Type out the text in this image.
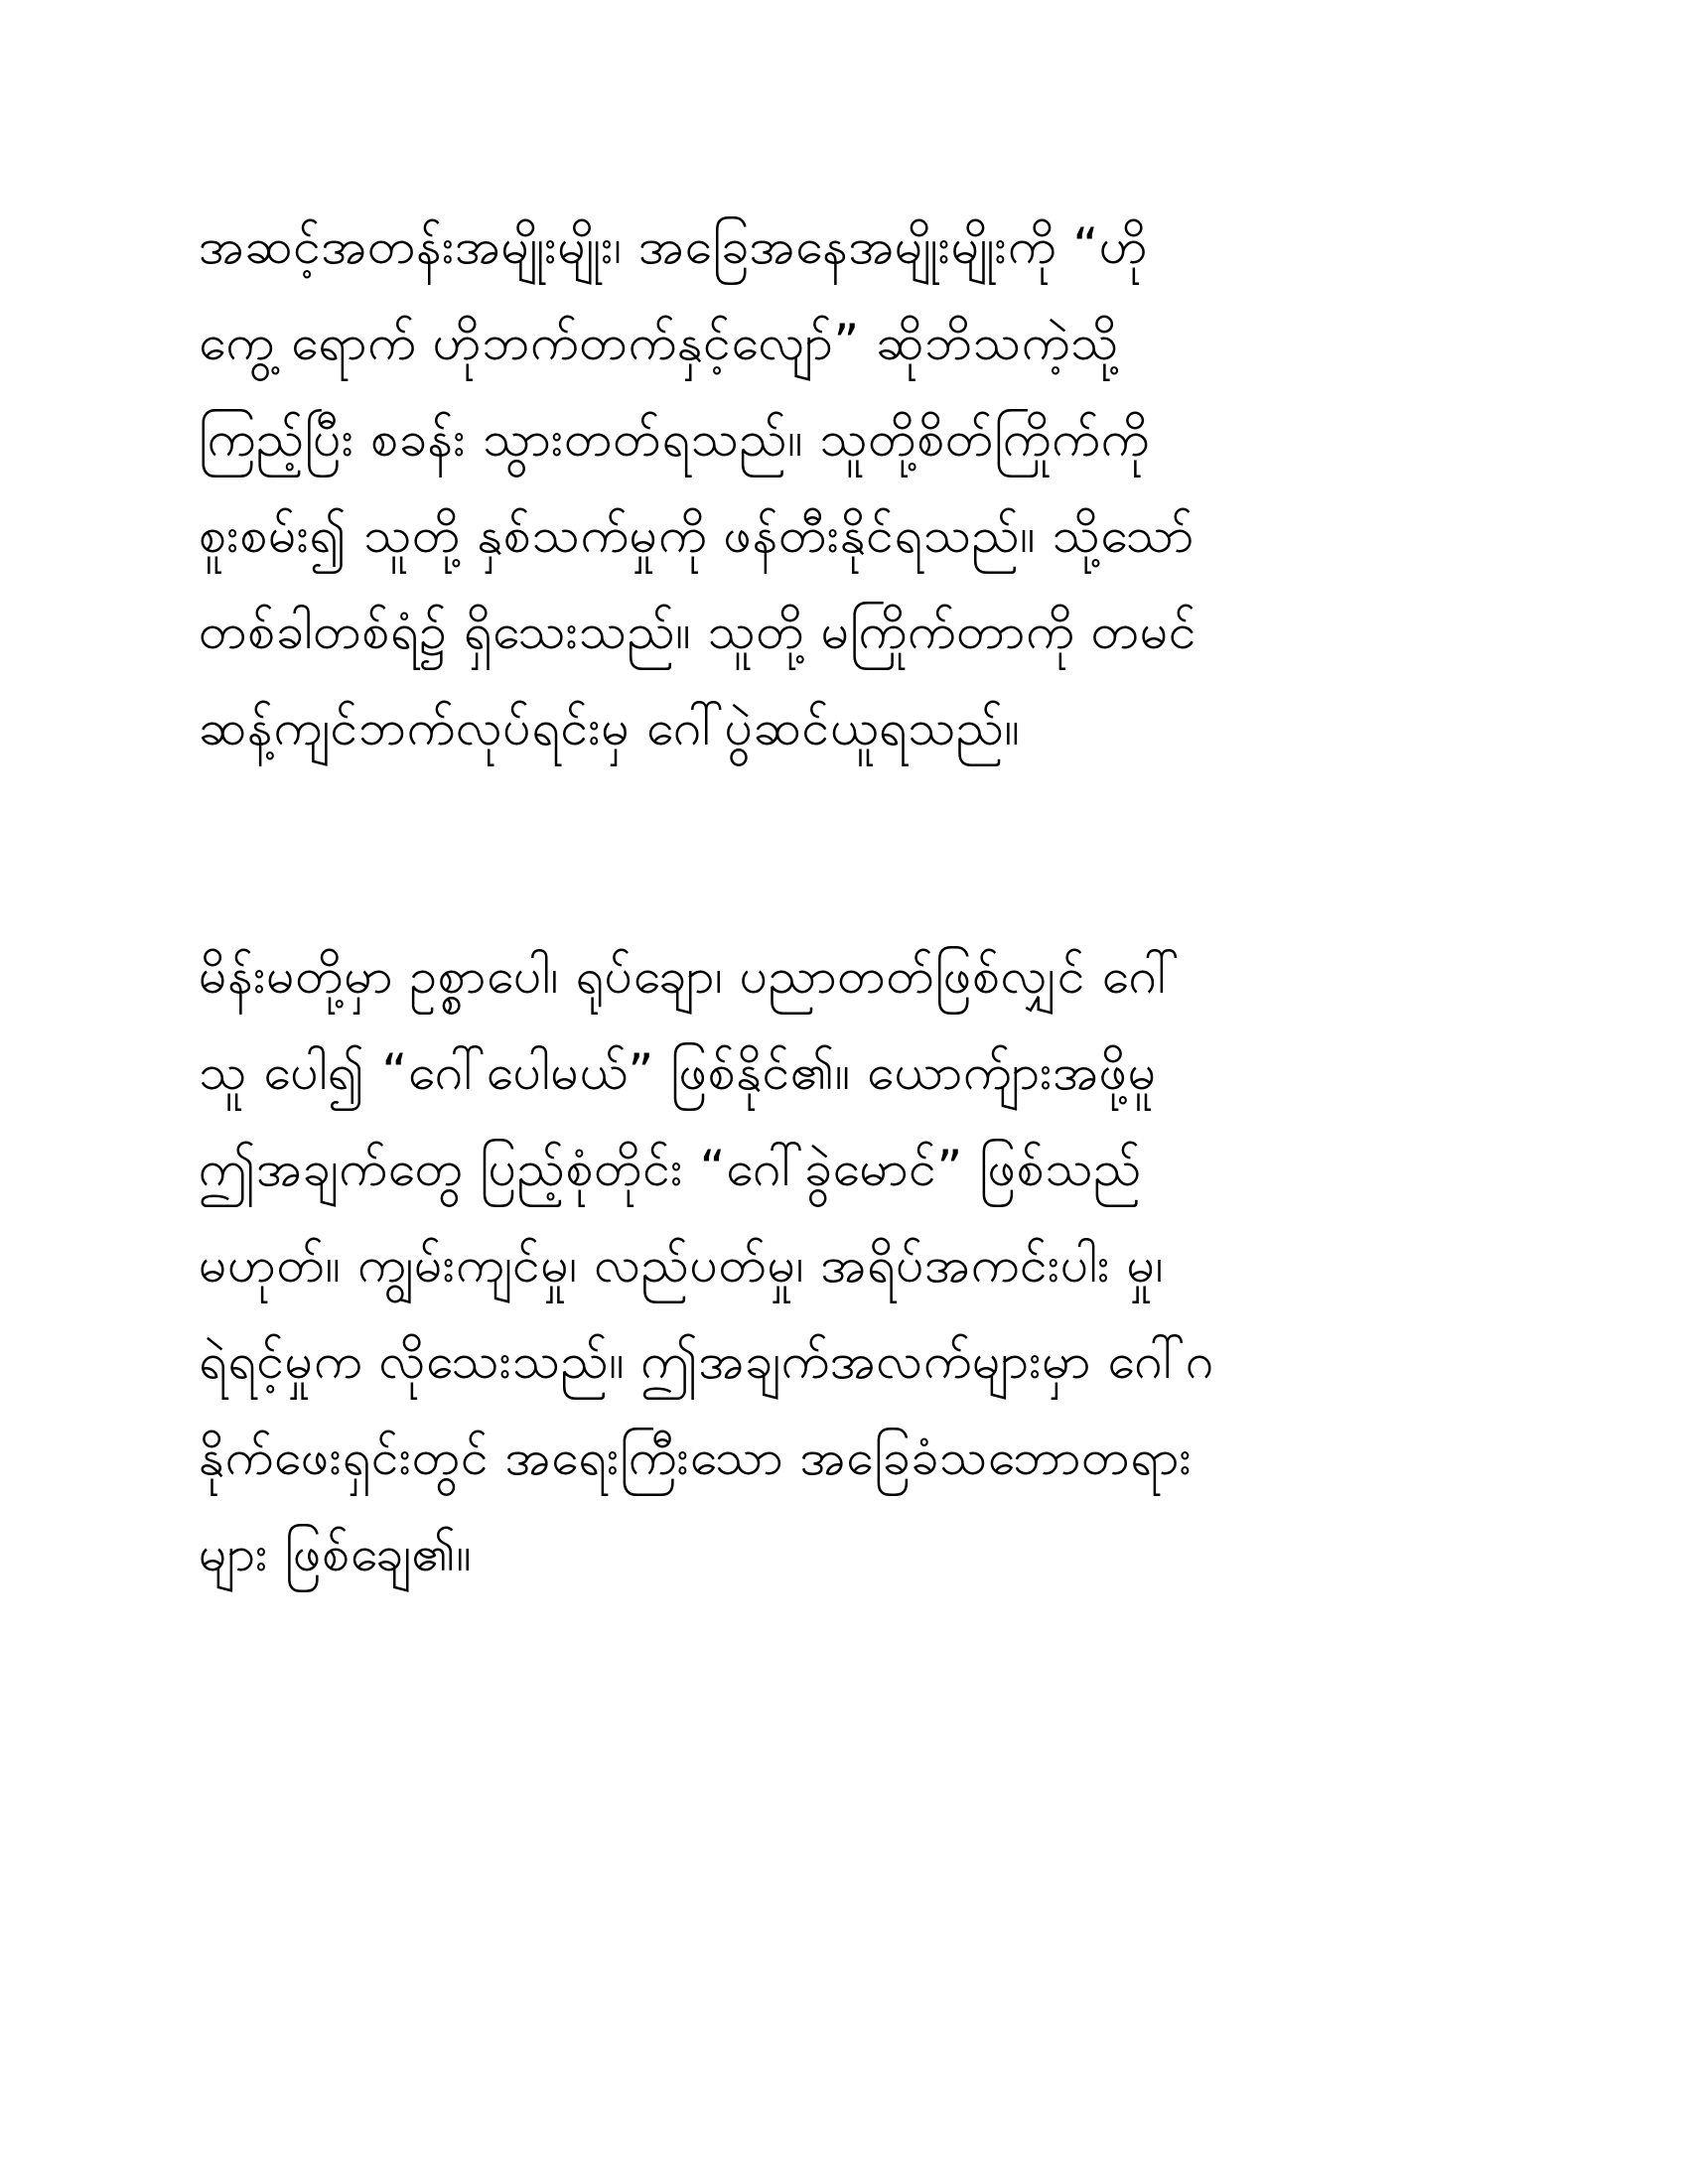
အဆင့်အတန်းအမျိုးမျိုး၊ အခြေအနေအမျိုးမျိုးကို “ဟို
ကွေ့ ရောက် ဟိုဘက်တက်နှင့်လျော်” ဆိုဘိသကဲ့သို့
ကြည့်ပြီး စခန်း သွားတတ်ရသည်။ သူတို့စိတ်ကြိုက်ကို
စူးစမ်း၍ သူတို့ နှစ်သက်မှုကို ဖန်တီးနိုင်ရသည်။ သို့သော်
တစ်ခါတစ်ရံ၌ ရှိသေးသည်။ သူတို့ မကြိုက်တာကို တမင်
ဆန့်ကျင်ဘက်လုပ်ရင်းမှ ဂေါ်ပွဲဆင်ယူရသည်။
မိန်းမတို့မှာ ဥစ္စာပေါ၊ ရုပ်ချော၊ ပညာတတ်ဖြစ်လျှင် ဂေါ်
သူ ပေါ၍ “ဂေါ်ပေါမယ်” ဖြစ်နိုင်၏။ ယောက်ျားအဖို့မူ
ဤအချက်တွေ ပြည့်စုံတိုင်း “ဂေါ်ခွဲမောင်” ဖြစ်သည်
မဟုတ်။ ကျွမ်းကျင်မှု၊ လည်ပတ်မှု၊ အရိပ်အကင်းပါး မှု၊
ရဲရင့်မှုက လိုသေးသည်။ ဤအချက်အလက်များမှာ ဂေါ်ဂ
နိုက်ဖေးရှင်းတွင် အရေးကြီးသော အခြေခံသဘောတရား
များ ဖြစ်ချေ၏။
